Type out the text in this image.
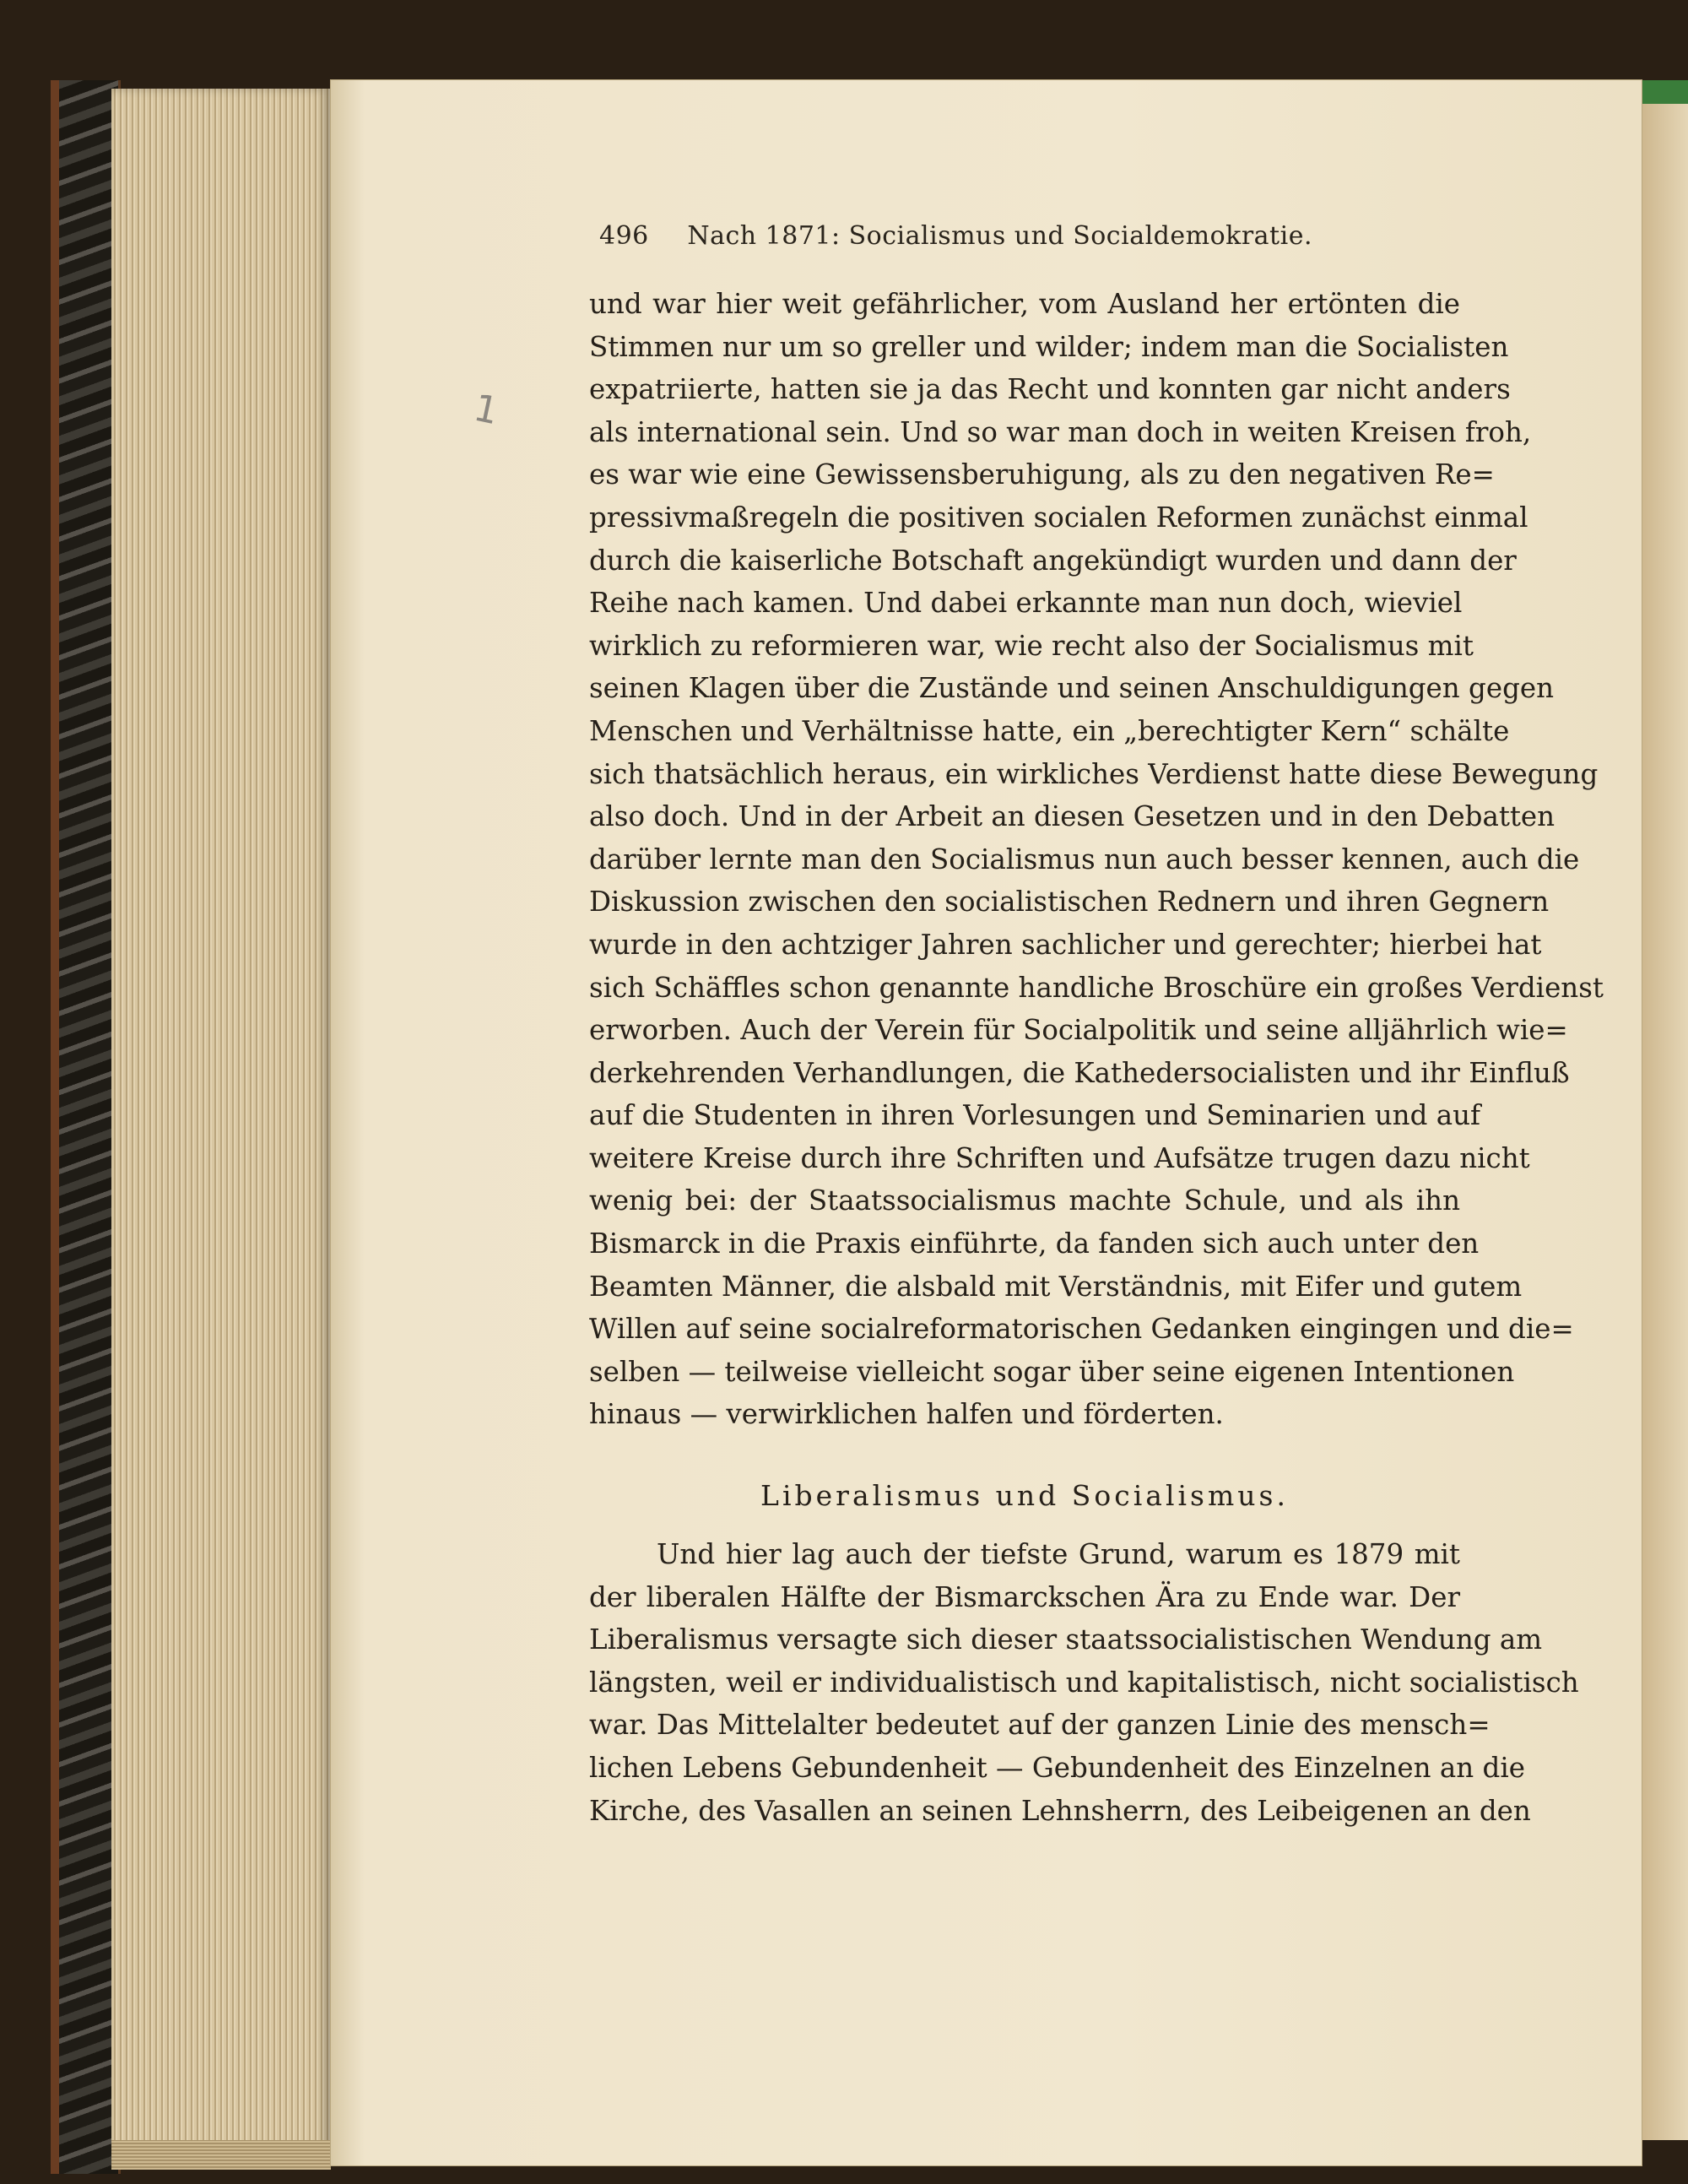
496 Nach 1871: Socialismus und Socialdemokratie.
1
und war hier weit gefährlicher, vom Ausland her ertönten die
Stimmen nur um so greller und wilder; indem man die Socialisten
expatriierte, hatten sie ja das Recht und konnten gar nicht anders
als international sein. Und so war man doch in weiten Kreisen froh,
es war wie eine Gewissensberuhigung, als zu den negativen Re=
pressivmaßregeln die positiven socialen Reformen zunächst einmal
durch die kaiserliche Botschaft angekündigt wurden und dann der
Reihe nach kamen. Und dabei erkannte man nun doch, wieviel
wirklich zu reformieren war, wie recht also der Socialismus mit
seinen Klagen über die Zustände und seinen Anschuldigungen gegen
Menschen und Verhältnisse hatte, ein „berechtigter Kern“ schälte
sich thatsächlich heraus, ein wirkliches Verdienst hatte diese Bewegung
also doch. Und in der Arbeit an diesen Gesetzen und in den Debatten
darüber lernte man den Socialismus nun auch besser kennen, auch die
Diskussion zwischen den socialistischen Rednern und ihren Gegnern
wurde in den achtziger Jahren sachlicher und gerechter; hierbei hat
sich Schäffles schon genannte handliche Broschüre ein großes Verdienst
erworben. Auch der Verein für Socialpolitik und seine alljährlich wie=
derkehrenden Verhandlungen, die Kathedersocialisten und ihr Einfluß
auf die Studenten in ihren Vorlesungen und Seminarien und auf
weitere Kreise durch ihre Schriften und Aufsätze trugen dazu nicht
wenig bei: der Staatssocialismus machte Schule, und als ihn
Bismarck in die Praxis einführte, da fanden sich auch unter den
Beamten Männer, die alsbald mit Verständnis, mit Eifer und gutem
Willen auf seine socialreformatorischen Gedanken eingingen und die=
selben — teilweise vielleicht sogar über seine eigenen Intentionen
hinaus — verwirklichen halfen und förderten.
Liberalismus und Socialismus.
Und hier lag auch der tiefste Grund, warum es 1879 mit
der liberalen Hälfte der Bismarckschen Ära zu Ende war. Der
Liberalismus versagte sich dieser staatssocialistischen Wendung am
längsten, weil er individualistisch und kapitalistisch, nicht socialistisch
war. Das Mittelalter bedeutet auf der ganzen Linie des mensch=
lichen Lebens Gebundenheit — Gebundenheit des Einzelnen an die
Kirche, des Vasallen an seinen Lehnsherrn, des Leibeigenen an den
